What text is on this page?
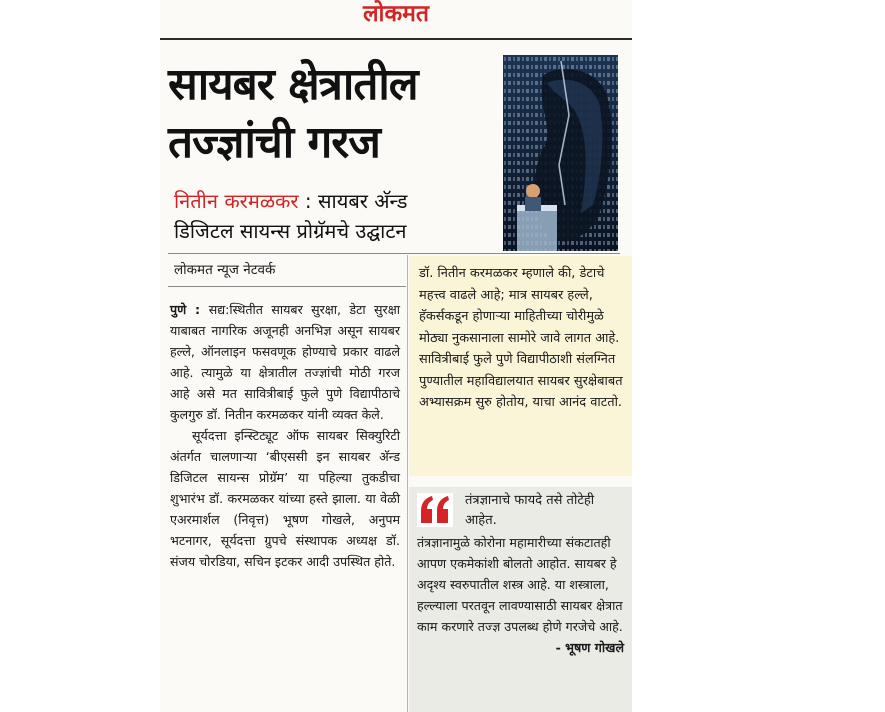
लोकमत
सायबर क्षेत्रातील
तज्ज्ञांची गरज
नितीन करमळकर : सायबर अ‍ॅन्ड
डिजिटल सायन्स प्रोग्रॅमचे उद्घाटन
लोकमत न्यूज नेटवर्क

पुणे : सद्य:स्थितीत सायबर सुरक्षा, डेटा सुरक्षा याबाबत नागरिक अजूनही अनभिज्ञ असून सायबर हल्ले, ऑनलाइन फसवणूक होण्याचे प्रकार वाढले आहे. त्यामुळे या क्षेत्रातील तज्ज्ञांची मोठी गरज आहे असे मत सावित्रीबाई फुले पुणे विद्यापीठाचे कुलगुरु डॉ. नितीन करमळकर यांनी व्यक्त केले.

सूर्यदत्ता इन्स्टिट्यूट ऑफ सायबर सिक्युरिटी अंतर्गत चालणाऱ्या ‘बीएससी इन सायबर अ‍ॅन्ड डिजिटल सायन्स प्रोग्रॅम’ या पहिल्या तुकडीचा शुभारंभ डॉ. करमळकर यांच्या हस्ते झाला. या वेळी एअरमार्शल (निवृत्त) भूषण गोखले, अनुपम भटनागर, सूर्यदत्ता ग्रुपचे संस्थापक अध्यक्ष डॉ. संजय चोरडिया, सचिन इटकर आदी उपस्थित होते.

डॉ. नितीन करमळकर म्हणाले की, डेटाचे महत्त्व वाढले आहे; मात्र सायबर हल्ले, हॅकर्सकडून होणाऱ्या माहितीच्या चोरीमुळे मोठ्या नुकसानाला सामोरे जावे लागत आहे. सावित्रीबाई फुले पुणे विद्यापीठाशी संलग्नित पुण्यातील महाविद्यालयात सायबर सुरक्षेबाबत अभ्यासक्रम सुरु होतोय, याचा आनंद वाटतो.
तंत्रज्ञानाचे फायदे तसे तोटेही आहेत.
तंत्रज्ञानामुळे कोरोना महामारीच्या संकटातही आपण एकमेकांशी बोलतो आहोत. सायबर हे अदृश्य स्वरुपातील शस्त्र आहे. या शस्त्राला, हल्ल्याला परतवून लावण्यासाठी सायबर क्षेत्रात काम करणारे तज्ज्ञ उपलब्ध होणे गरजेचे आहे.
- भूषण गोखले
